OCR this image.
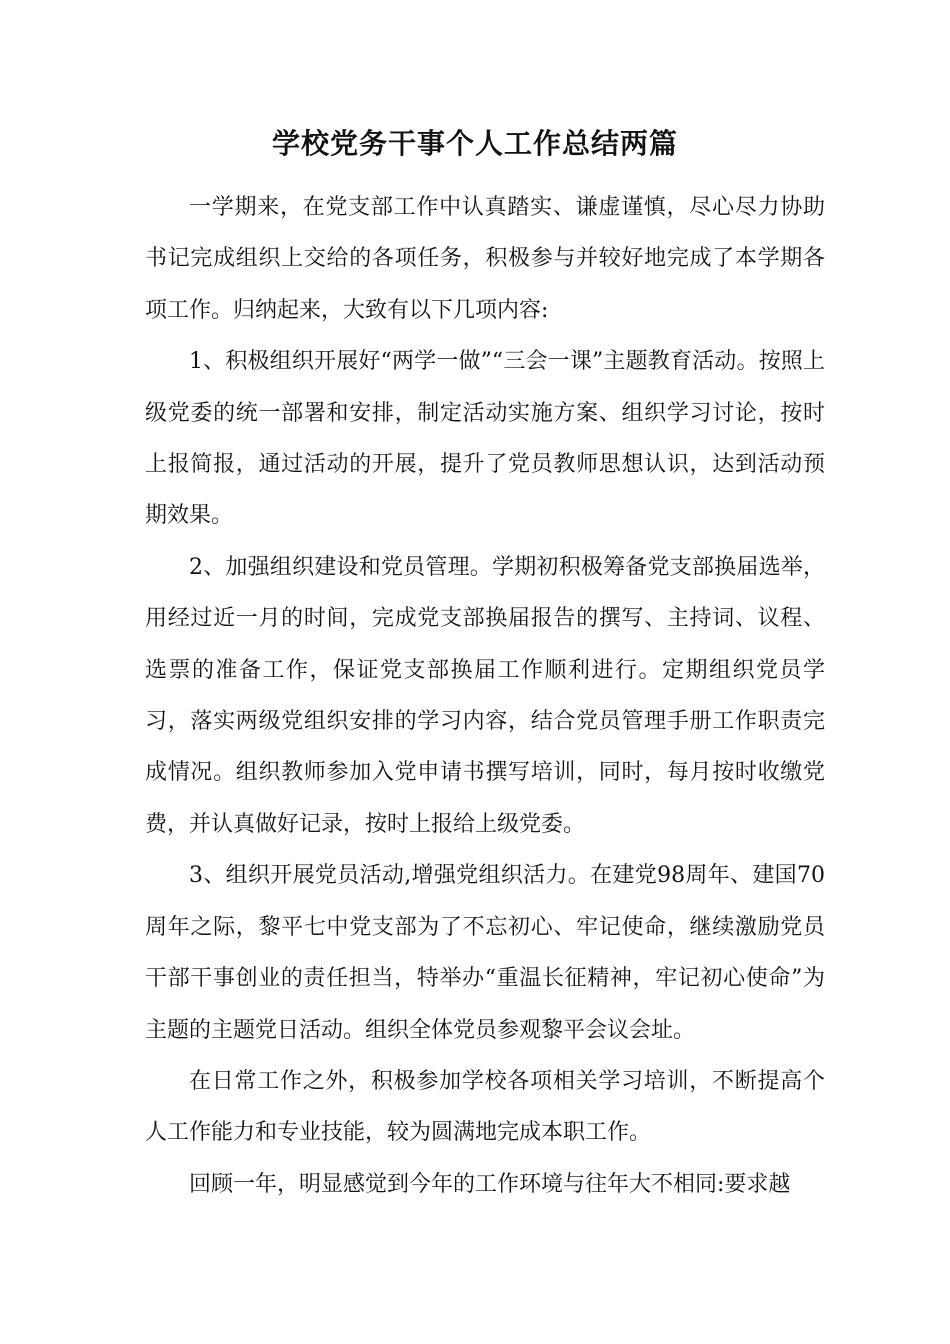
学校党务干事个人工作总结两篇

一学期来，在党支部工作中认真踏实、谦虚谨慎，尽心尽力协助书记完成组织上交给的各项任务，积极参与并较好地完成了本学期各项工作。归纳起来，大致有以下几项内容:

1、积极组织开展好“两学一做”“三会一课”主题教育活动。按照上级党委的统一部署和安排，制定活动实施方案、组织学习讨论，按时上报简报，通过活动的开展，提升了党员教师思想认识，达到活动预期效果。

2、加强组织建设和党员管理。学期初积极筹备党支部换届选举，用经过近一月的时间，完成党支部换届报告的撰写、主持词、议程、选票的准备工作，保证党支部换届工作顺利进行。定期组织党员学习，落实两级党组织安排的学习内容，结合党员管理手册工作职责完成情况。组织教师参加入党申请书撰写培训，同时，每月按时收缴党费，并认真做好记录，按时上报给上级党委。

3、组织开展党员活动,增强党组织活力。在建党98周年、建国70周年之际，黎平七中党支部为了不忘初心、牢记使命，继续激励党员干部干事创业的责任担当，特举办“重温长征精神，牢记初心使命”为主题的主题党日活动。组织全体党员参观黎平会议会址。

在日常工作之外，积极参加学校各项相关学习培训，不断提高个人工作能力和专业技能，较为圆满地完成本职工作。

回顾一年，明显感觉到今年的工作环境与往年大不相同:要求越
